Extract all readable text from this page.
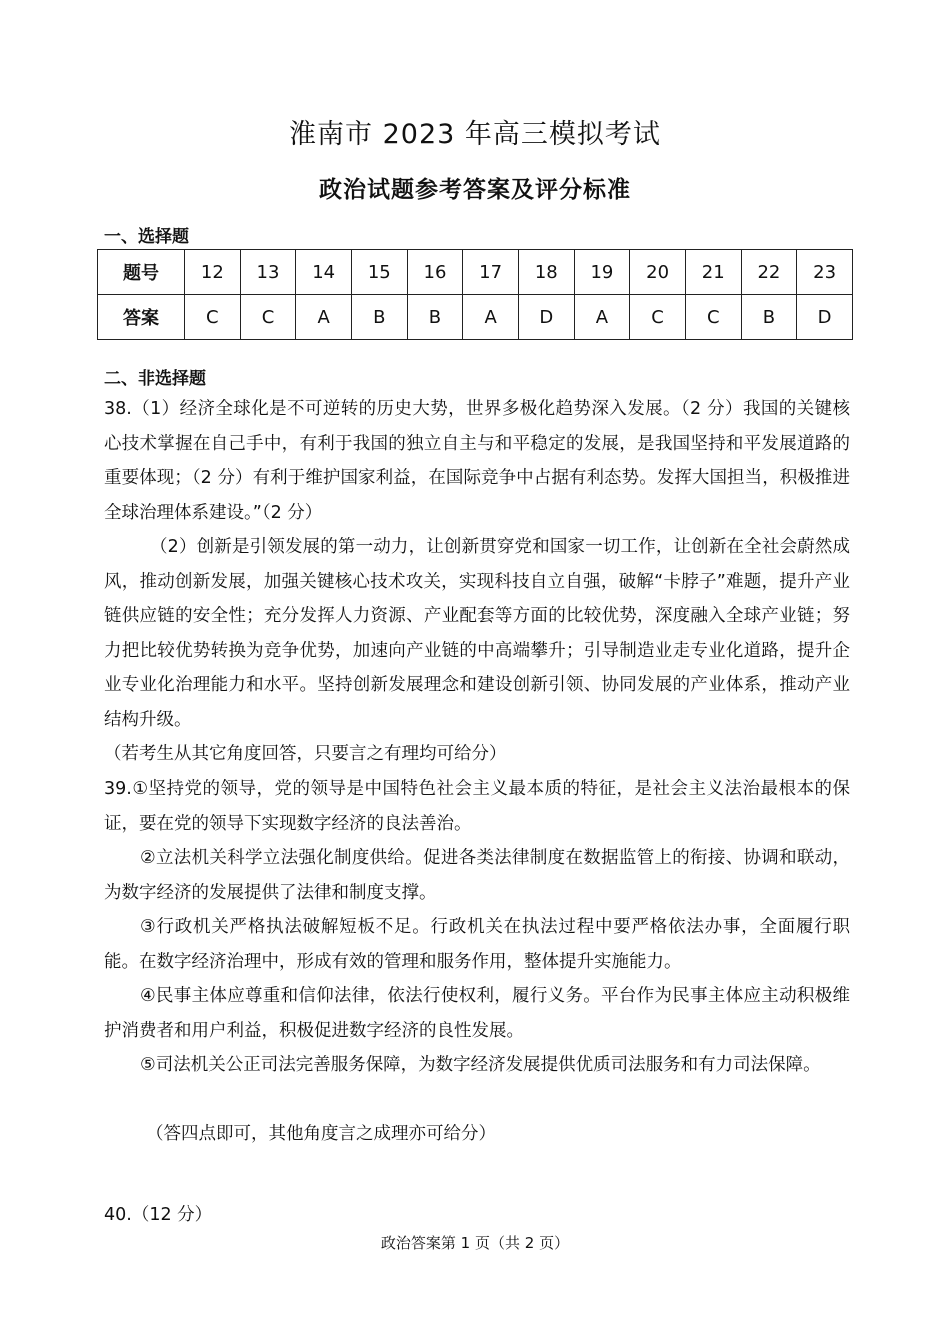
淮南市 2023 年高三模拟考试
政治试题参考答案及评分标准
一、选择题
题号	12	13	14	15	16	17	18	19	20	21	22	23
答案	C	C	A	B	B	A	D	A	C	C	B	D
二、非选择题
38.（1）经济全球化是不可逆转的历史大势，世界多极化趋势深入发展。（2 分）我国的关键核心技术掌握在自己手中，有利于我国的独立自主与和平稳定的发展，是我国坚持和平发展道路的重要体现；（2 分）有利于维护国家利益，在国际竞争中占据有利态势。发挥大国担当，积极推进全球治理体系建设。”（2 分）
（2）创新是引领发展的第一动力，让创新贯穿党和国家一切工作，让创新在全社会蔚然成风，推动创新发展，加强关键核心技术攻关，实现科技自立自强，破解“卡脖子”难题，提升产业链供应链的安全性；充分发挥人力资源、产业配套等方面的比较优势，深度融入全球产业链；努力把比较优势转换为竞争优势，加速向产业链的中高端攀升；引导制造业走专业化道路，提升企业专业化治理能力和水平。坚持创新发展理念和建设创新引领、协同发展的产业体系，推动产业结构升级。
（若考生从其它角度回答，只要言之有理均可给分）
39.①坚持党的领导，党的领导是中国特色社会主义最本质的特征，是社会主义法治最根本的保证，要在党的领导下实现数字经济的良法善治。
②立法机关科学立法强化制度供给。促进各类法律制度在数据监管上的衔接、协调和联动，为数字经济的发展提供了法律和制度支撑。
③行政机关严格执法破解短板不足。行政机关在执法过程中要严格依法办事，全面履行职能。在数字经济治理中，形成有效的管理和服务作用，整体提升实施能力。
④民事主体应尊重和信仰法律，依法行使权利，履行义务。平台作为民事主体应主动积极维护消费者和用户利益，积极促进数字经济的良性发展。
⑤司法机关公正司法完善服务保障，为数字经济发展提供优质司法服务和有力司法保障。
（答四点即可，其他角度言之成理亦可给分）
40.（12 分）
政治答案第 1 页（共 2 页）
